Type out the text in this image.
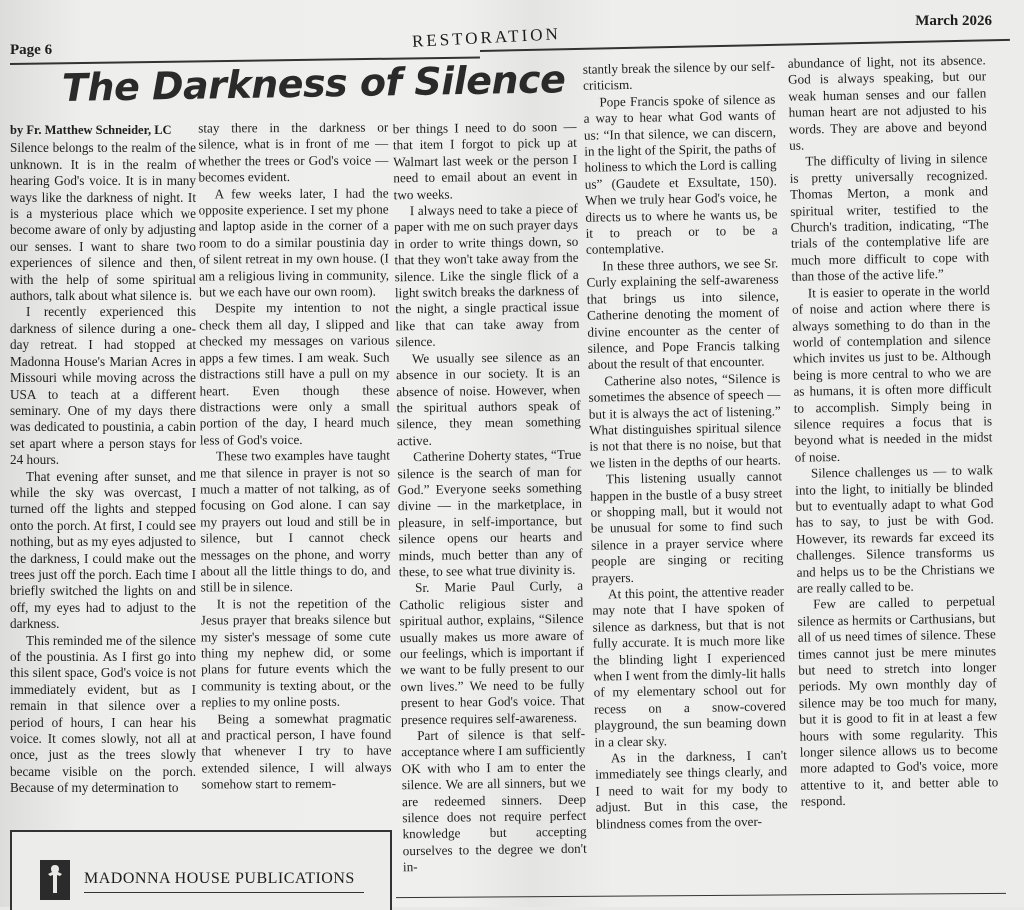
Page 6	RESTORATION
March 2026
The Darkness of Silence
by Fr. Matthew Schneider, LC

Silence belongs to the realm of the unknown. It is in the realm of hearing God's voice. It is in many ways like the darkness of night. It is a mysterious place which we become aware of only by adjusting our senses. I want to share two experiences of silence and then, with the help of some spiritual authors, talk about what silence is.

I recently experienced this darkness of silence during a one-day retreat. I had stopped at Madonna House's Marian Acres in Missouri while moving across the USA to teach at a different seminary. One of my days there was dedicated to poustinia, a cabin set apart where a person stays for 24 hours.

That evening after sunset, and while the sky was overcast, I turned off the lights and stepped onto the porch. At first, I could see nothing, but as my eyes adjusted to the darkness, I could make out the trees just off the porch. Each time I briefly switched the lights on and off, my eyes had to adjust to the darkness.

This reminded me of the silence of the poustinia. As I first go into this silent space, God's voice is not immediately evident, but as I remain in that silence over a period of hours, I can hear his voice. It comes slowly, not all at once, just as the trees slowly became visible on the porch. Because of my determination to

stay there in the darkness or silence, what is in front of me — whether the trees or God's voice — becomes evident.

A few weeks later, I had the opposite experience. I set my phone and laptop aside in the corner of a room to do a similar poustinia day of silent retreat in my own house. (I am a religious living in community, but we each have our own room).

Despite my intention to not check them all day, I slipped and checked my messages on various apps a few times. I am weak. Such distractions still have a pull on my heart. Even though these distractions were only a small portion of the day, I heard much less of God's voice.

These two examples have taught me that silence in prayer is not so much a matter of not talking, as of focusing on God alone. I can say my prayers out loud and still be in silence, but I cannot check messages on the phone, and worry about all the little things to do, and still be in silence.

It is not the repetition of the Jesus prayer that breaks silence but my sister's message of some cute thing my nephew did, or some plans for future events which the community is texting about, or the replies to my online posts.

Being a somewhat pragmatic and practical person, I have found that whenever I try to have extended silence, I will always somehow start to remem-

ber things I need to do soon — that item I forgot to pick up at Walmart last week or the person I need to email about an event in two weeks.

I always need to take a piece of paper with me on such prayer days in order to write things down, so that they won't take away from the silence. Like the single flick of a light switch breaks the darkness of the night, a single practical issue like that can take away from silence.

We usually see silence as an absence in our society. It is an absence of noise. However, when the spiritual authors speak of silence, they mean something active.

Catherine Doherty states, “True silence is the search of man for God.” Everyone seeks something divine — in the marketplace, in pleasure, in self-importance, but silence opens our hearts and minds, much better than any of these, to see what true divinity is.

Sr. Marie Paul Curly, a Catholic religious sister and spiritual author, explains, “Silence usually makes us more aware of our feelings, which is important if we want to be fully present to our own lives.” We need to be fully present to hear God's voice. That presence requires self-awareness.

Part of silence is that self-acceptance where I am sufficiently OK with who I am to enter the silence. We are all sinners, but we are redeemed sinners. Deep silence does not require perfect knowledge but accepting ourselves to the degree we don't in-

stantly break the silence by our self-criticism.

Pope Francis spoke of silence as a way to hear what God wants of us: “In that silence, we can discern, in the light of the Spirit, the paths of holiness to which the Lord is calling us” (Gaudete et Exsultate, 150). When we truly hear God's voice, he directs us to where he wants us, be it to preach or to be a contemplative.

In these three authors, we see Sr. Curly explaining the self-awareness that brings us into silence, Catherine denoting the moment of divine encounter as the center of silence, and Pope Francis talking about the result of that encounter.

Catherine also notes, “Silence is sometimes the absence of speech — but it is always the act of listening.” What distinguishes spiritual silence is not that there is no noise, but that we listen in the depths of our hearts.

This listening usually cannot happen in the bustle of a busy street or shopping mall, but it would not be unusual for some to find such silence in a prayer service where people are singing or reciting prayers.

At this point, the attentive reader may note that I have spoken of silence as darkness, but that is not fully accurate. It is much more like the blinding light I experienced when I went from the dimly-lit halls of my elementary school out for recess on a snow-covered playground, the sun beaming down in a clear sky.

As in the darkness, I can't immediately see things clearly, and I need to wait for my body to adjust. But in this case, the blindness comes from the over-

abundance of light, not its absence. God is always speaking, but our weak human senses and our fallen human heart are not adjusted to his words. They are above and beyond us.

The difficulty of living in silence is pretty universally recognized. Thomas Merton, a monk and spiritual writer, testified to the Church's tradition, indicating, “The trials of the contemplative life are much more difficult to cope with than those of the active life.”

It is easier to operate in the world of noise and action where there is always something to do than in the world of contemplation and silence which invites us just to be. Although being is more central to who we are as humans, it is often more difficult to accomplish. Simply being in silence requires a focus that is beyond what is needed in the midst of noise.

Silence challenges us — to walk into the light, to initially be blinded but to eventually adapt to what God has to say, to just be with God. However, its rewards far exceed its challenges. Silence transforms us and helps us to be the Christians we are really called to be.

Few are called to perpetual silence as hermits or Carthusians, but all of us need times of silence. These times cannot just be mere minutes but need to stretch into longer periods. My own monthly day of silence may be too much for many, but it is good to fit in at least a few hours with some regularity. This longer silence allows us to become more adapted to God's voice, more attentive to it, and better able to respond.

MADONNA HOUSE PUBLICATIONS
